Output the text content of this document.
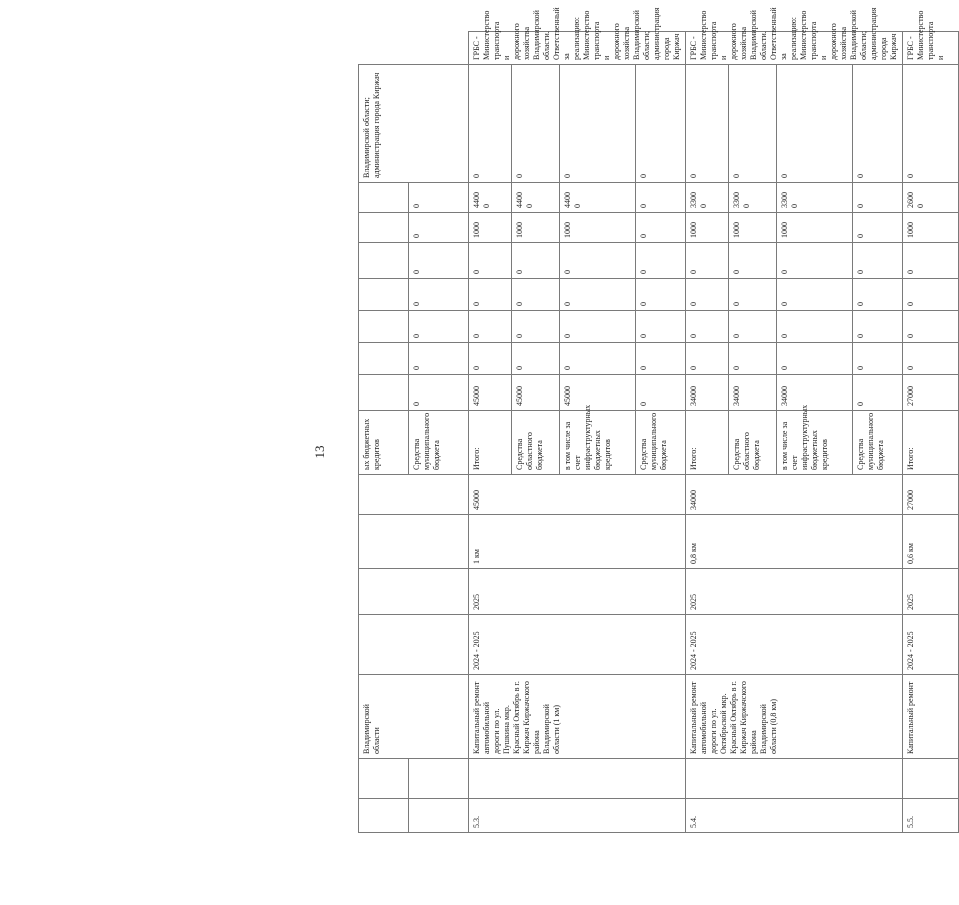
13
		Владимирской области					ых бюджетных кредитов								Владимирской области; администрация города Киржач	
							Средства муниципального бюджета	0	0	0	0	0	0	0		
5.3.		Капитальный ремонт автомобильной дороги по ул. Пушкина мкр. Красный Октябрь в г. Киржач Киржачского района Владимирской области (1 км)	2024 - 2025	2025	1 км	45000	Итого:	45000	0	0	0	0	1000	4400 0	0	ГРБС - Министерство транспорта и дорожного хозяйства Владимирской области. Ответственный за реализацию: Министерство транспорта и дорожного хозяйства Владимирской области; администрация города Киржач
							Средства областного бюджета	45000	0	0	0	0	1000	4400 0	0	
							в том числе за счет инфраструктурных бюджетных кредитов	45000	0	0	0	0	1000	4400 0	0	
							Средства муниципального бюджета	0	0	0	0	0	0	0	0	
5.4.		Капитальный ремонт автомобильной дороги по ул. Октябрьской мкр. Красный Октябрь в г. Киржач Киржачского района Владимирской области (0,8 км)	2024 - 2025	2025	0,8 км	34000	Итого:	34000	0	0	0	0	1000	3300 0	0	ГРБС - Министерство транспорта и дорожного хозяйства Владимирской области. Ответственный за реализацию: Министерство транспорта и дорожного хозяйства Владимирской области; администрация города Киржач
							Средства областного бюджета	34000	0	0	0	0	1000	3300 0	0	
							в том числе за счет инфраструктурных бюджетных кредитов	34000	0	0	0	0	1000	3300 0	0	
							Средства муниципального бюджета	0	0	0	0	0	0	0	0	
5.5.		Капитальный ремонт	2024 - 2025	2025	0,6 км	27000	Итого:	27000	0	0	0	0	1000	2600 0	0	ГРБС - Министерство транспорта и
